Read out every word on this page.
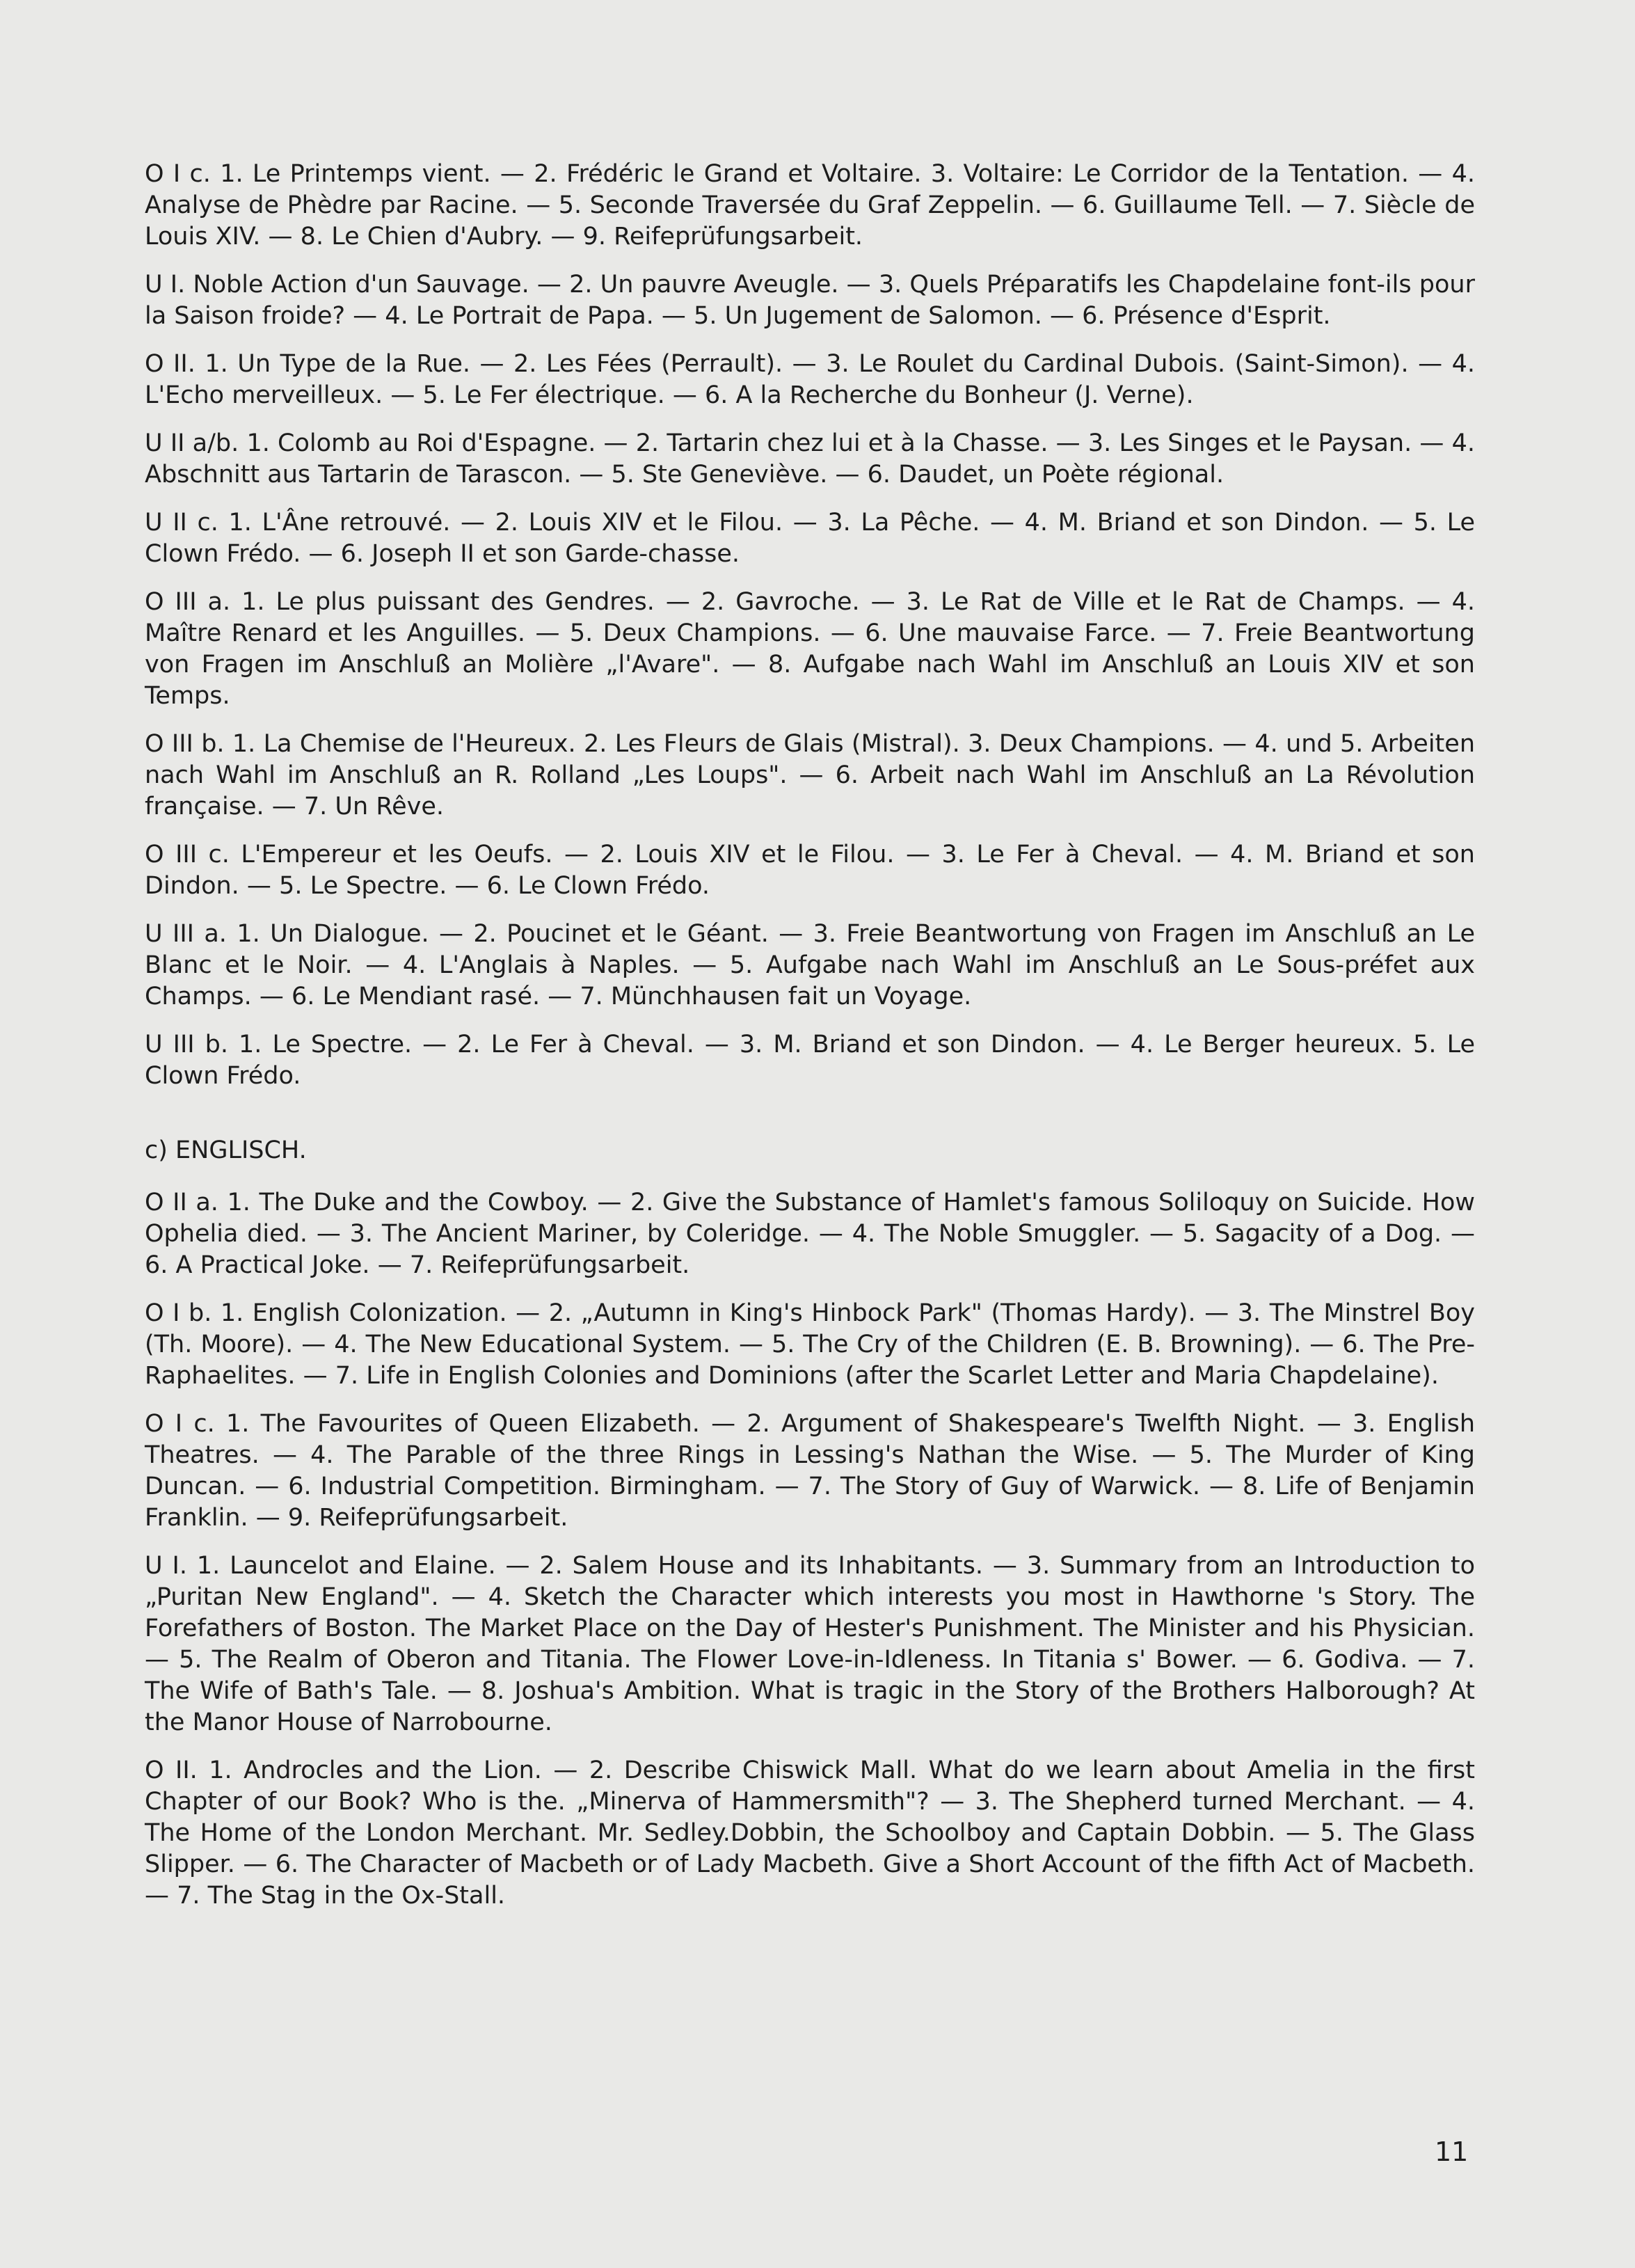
O I c. 1. Le Printemps vient. — 2. Frédéric le Grand et Voltaire. 3. Voltaire: Le Corridor de la Tentation. — 4. Analyse de Phèdre par Racine. — 5. Seconde Traversée du Graf Zeppelin. — 6. Guillaume Tell. — 7. Siècle de Louis XIV. — 8. Le Chien d'Aubry. — 9. Reifeprüfungsarbeit.

U I. Noble Action d'un Sauvage. — 2. Un pauvre Aveugle. — 3. Quels Préparatifs les Chapdelaine font-ils pour la Saison froide? — 4. Le Portrait de Papa. — 5. Un Jugement de Salomon. — 6. Présence d'Esprit.

O II. 1. Un Type de la Rue. — 2. Les Fées (Perrault). — 3. Le Roulet du Cardinal Dubois. (Saint-Simon). — 4. L'Echo merveilleux. — 5. Le Fer électrique. — 6. A la Recherche du Bonheur (J. Verne).

U II a/b. 1. Colomb au Roi d'Espagne. — 2. Tartarin chez lui et à la Chasse. — 3. Les Singes et le Paysan. — 4. Abschnitt aus Tartarin de Tarascon. — 5. Ste Geneviève. — 6. Daudet, un Poète régional.

U II c. 1. L'Âne retrouvé. — 2. Louis XIV et le Filou. — 3. La Pêche. — 4. M. Briand et son Dindon. — 5. Le Clown Frédo. — 6. Joseph II et son Garde-chasse.

O III a. 1. Le plus puissant des Gendres. — 2. Gavroche. — 3. Le Rat de Ville et le Rat de Champs. — 4. Maître Renard et les Anguilles. — 5. Deux Champions. — 6. Une mauvaise Farce. — 7. Freie Beantwortung von Fragen im Anschluß an Molière „l'Avare". — 8. Aufgabe nach Wahl im Anschluß an Louis XIV et son Temps.

O III b. 1. La Chemise de l'Heureux. 2. Les Fleurs de Glais (Mistral). 3. Deux Champions. — 4. und 5. Arbeiten nach Wahl im Anschluß an R. Rolland „Les Loups". — 6. Arbeit nach Wahl im Anschluß an La Révolution française. — 7. Un Rêve.

O III c. L'Empereur et les Oeufs. — 2. Louis XIV et le Filou. — 3. Le Fer à Cheval. — 4. M. Briand et son Dindon. — 5. Le Spectre. — 6. Le Clown Frédo.

U III a. 1. Un Dialogue. — 2. Poucinet et le Géant. — 3. Freie Beantwortung von Fragen im Anschluß an Le Blanc et le Noir. — 4. L'Anglais à Naples. — 5. Aufgabe nach Wahl im Anschluß an Le Sous-préfet aux Champs. — 6. Le Mendiant rasé. — 7. Münchhausen fait un Voyage.

U III b. 1. Le Spectre. — 2. Le Fer à Cheval. — 3. M. Briand et son Dindon. — 4. Le Berger heureux. 5. Le Clown Frédo.

c) ENGLISCH.

O II a. 1. The Duke and the Cowboy. — 2. Give the Substance of Hamlet's famous Soliloquy on Suicide. How Ophelia died. — 3. The Ancient Mariner, by Coleridge. — 4. The Noble Smuggler. — 5. Sagacity of a Dog. — 6. A Practical Joke. — 7. Reifeprüfungsarbeit.

O I b. 1. English Colonization. — 2. „Autumn in King's Hinbock Park" (Thomas Hardy). — 3. The Minstrel Boy (Th. Moore). — 4. The New Educational System. — 5. The Cry of the Children (E. B. Browning). — 6. The Pre-Raphaelites. — 7. Life in English Colonies and Dominions (after the Scarlet Letter and Maria Chapdelaine).

O I c. 1. The Favourites of Queen Elizabeth. — 2. Argument of Shakespeare's Twelfth Night. — 3. English Theatres. — 4. The Parable of the three Rings in Lessing's Nathan the Wise. — 5. The Murder of King Duncan. — 6. Industrial Competition. Birmingham. — 7. The Story of Guy of Warwick. — 8. Life of Benjamin Franklin. — 9. Reifeprüfungsarbeit.

U I. 1. Launcelot and Elaine. — 2. Salem House and its Inhabitants. — 3. Summary from an Introduction to „Puritan New England". — 4. Sketch the Character which interests you most in Hawthorne 's Story. The Forefathers of Boston. The Market Place on the Day of Hester's Punishment. The Minister and his Physician. — 5. The Realm of Oberon and Titania. The Flower Love-in-Idleness. In Titania s' Bower. — 6. Godiva. — 7. The Wife of Bath's Tale. — 8. Joshua's Ambition. What is tragic in the Story of the Brothers Halborough? At the Manor House of Narrobourne.

O II. 1. Androcles and the Lion. — 2. Describe Chiswick Mall. What do we learn about Amelia in the first Chapter of our Book? Who is the. „Minerva of Hammersmith"? — 3. The Shepherd turned Merchant. — 4. The Home of the London Merchant. Mr. Sedley.Dobbin, the Schoolboy and Captain Dobbin. — 5. The Glass Slipper. — 6. The Character of Macbeth or of Lady Macbeth. Give a Short Account of the fifth Act of Macbeth. — 7. The Stag in the Ox-Stall.

11
